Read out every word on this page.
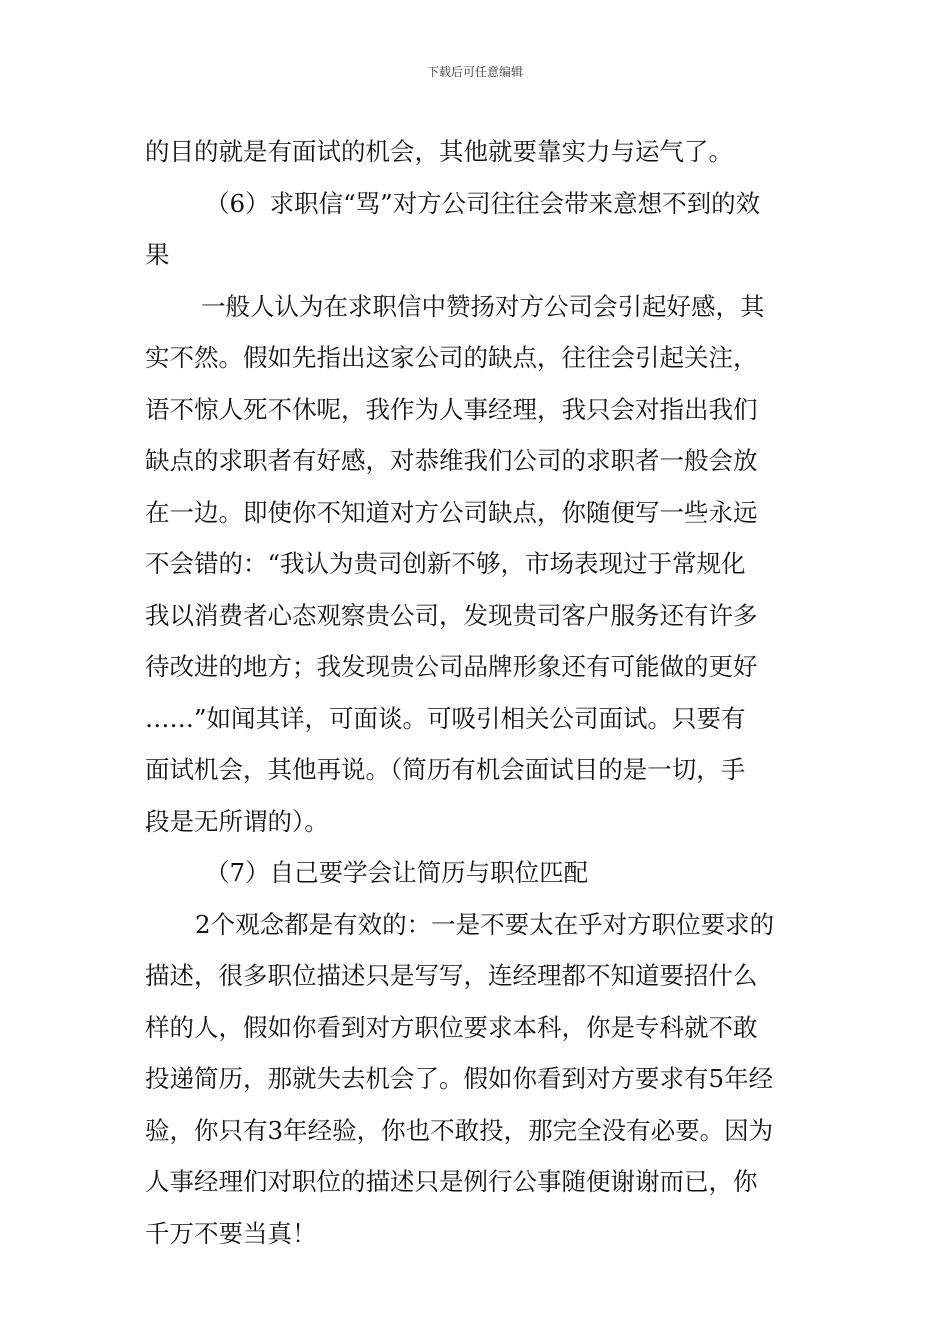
下载后可任意编辑
的目的就是有面试的机会，其他就要靠实力与运气了。
（6）求职信“骂”对方公司往往会带来意想不到的效
果
一般人认为在求职信中赞扬对方公司会引起好感，其
实不然。假如先指出这家公司的缺点，往往会引起关注，
语不惊人死不休呢，我作为人事经理，我只会对指出我们
缺点的求职者有好感，对恭维我们公司的求职者一般会放
在一边。即使你不知道对方公司缺点，你随便写一些永远
不会错的：“我认为贵司创新不够，市场表现过于常规化
我以消费者心态观察贵公司，发现贵司客户服务还有许多
待改进的地方；我发现贵公司品牌形象还有可能做的更好
……”如闻其详，可面谈。可吸引相关公司面试。只要有
面试机会，其他再说。（简历有机会面试目的是一切，手
段是无所谓的）。
（7）自己要学会让简历与职位匹配
2个观念都是有效的：一是不要太在乎对方职位要求的
描述，很多职位描述只是写写，连经理都不知道要招什么
样的人，假如你看到对方职位要求本科，你是专科就不敢
投递简历，那就失去机会了。假如你看到对方要求有5年经
验，你只有3年经验，你也不敢投，那完全没有必要。因为
人事经理们对职位的描述只是例行公事随便谢谢而已，你
千万不要当真！
